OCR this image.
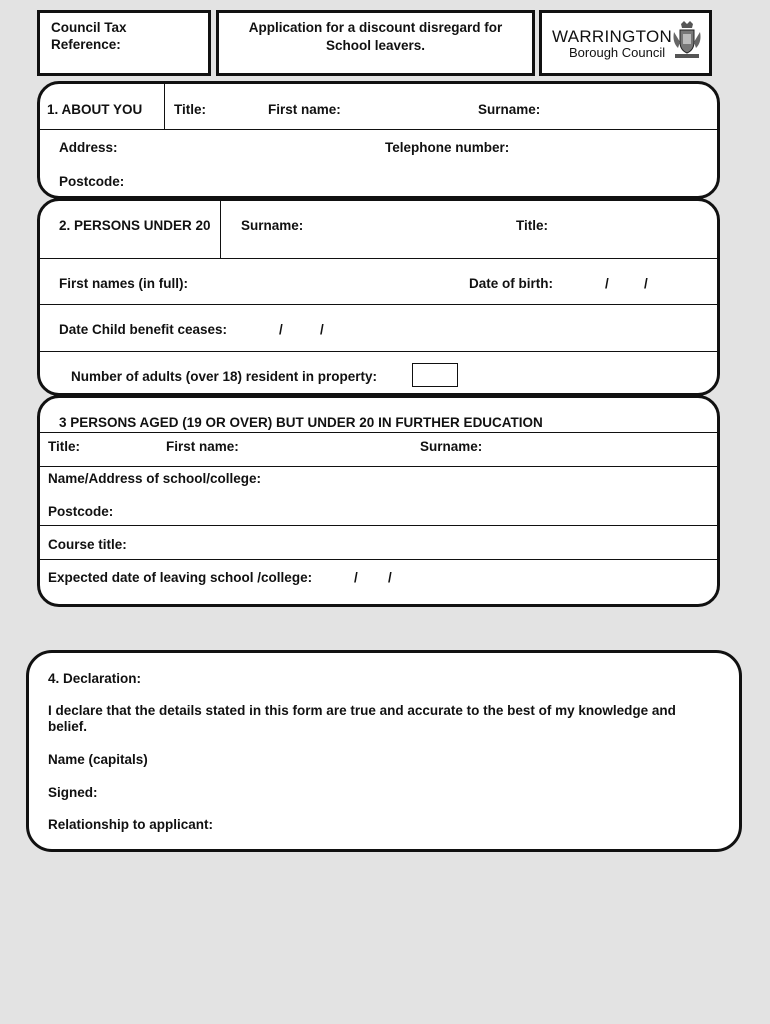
Council Tax
Reference:
Application for a discount disregard for School leavers.	WARRINGTON
Borough Council
1. ABOUT YOU Title:	First name:	Surname:
Address:	Telephone number:
Postcode:
2. PERSONS UNDER 20 Surname:	Title:
First names (in full):	Date of birth:	/	/
Date Child benefit ceases:	/	/
Number of adults (over 18) resident in property:
3 PERSONS AGED (19 OR OVER) BUT UNDER 20 IN FURTHER EDUCATION
Title:	First name:	Surname:
Name/Address of school/college:
Postcode:
Course title:
Expected date of leaving school /college:	/ /
4. Declaration:
I declare that the details stated in this form are true and accurate to the best of my knowledge and belief.
Name (capitals)
Signed:
Relationship to applicant:
